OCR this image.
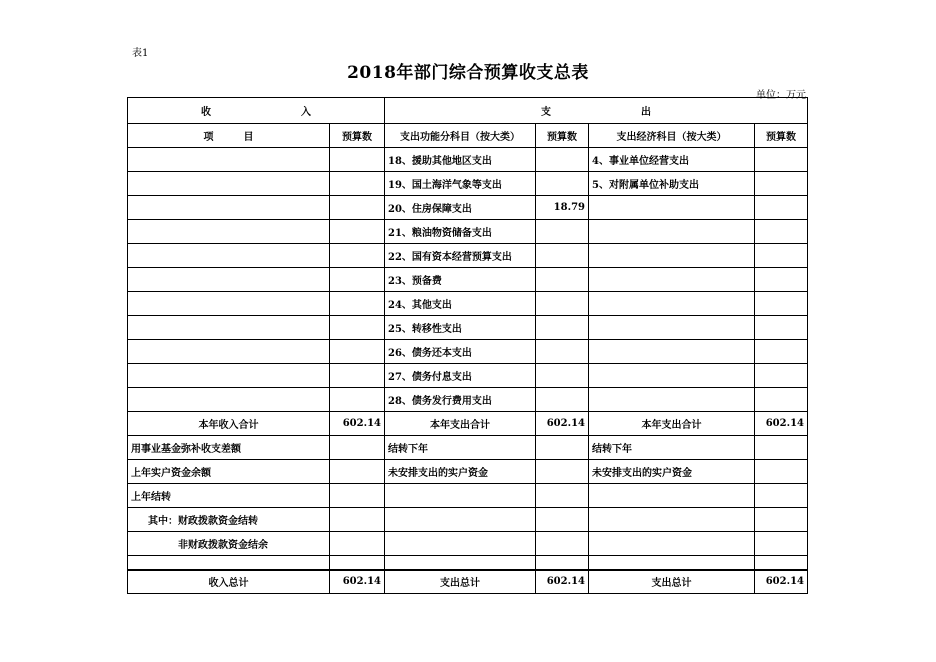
表1
2018年部门综合预算收支总表
单位：万元
收　　　　　　　　　入		支　　　　　　　　　出			
项　　　目	预算数	支出功能分科目（按大类）	预算数	支出经济科目（按大类）	预算数
		18、援助其他地区支出		4、事业单位经营支出	
		19、国土海洋气象等支出		5、对附属单位补助支出	
		20、住房保障支出	18.79		
		21、粮油物资储备支出			
		22、国有资本经营预算支出			
		23、预备费			
		24、其他支出			
		25、转移性支出			
		26、债务还本支出			
		27、债务付息支出			
		28、债务发行费用支出			
本年收入合计	602.14	本年支出合计	602.14	本年支出合计	602.14
用事业基金弥补收支差额		结转下年		结转下年	
上年实户资金余额		未安排支出的实户资金		未安排支出的实户资金	
上年结转					
其中：财政拨款资金结转					
非财政拨款资金结余					

收入总计	602.14	支出总计	602.14	支出总计	602.14
